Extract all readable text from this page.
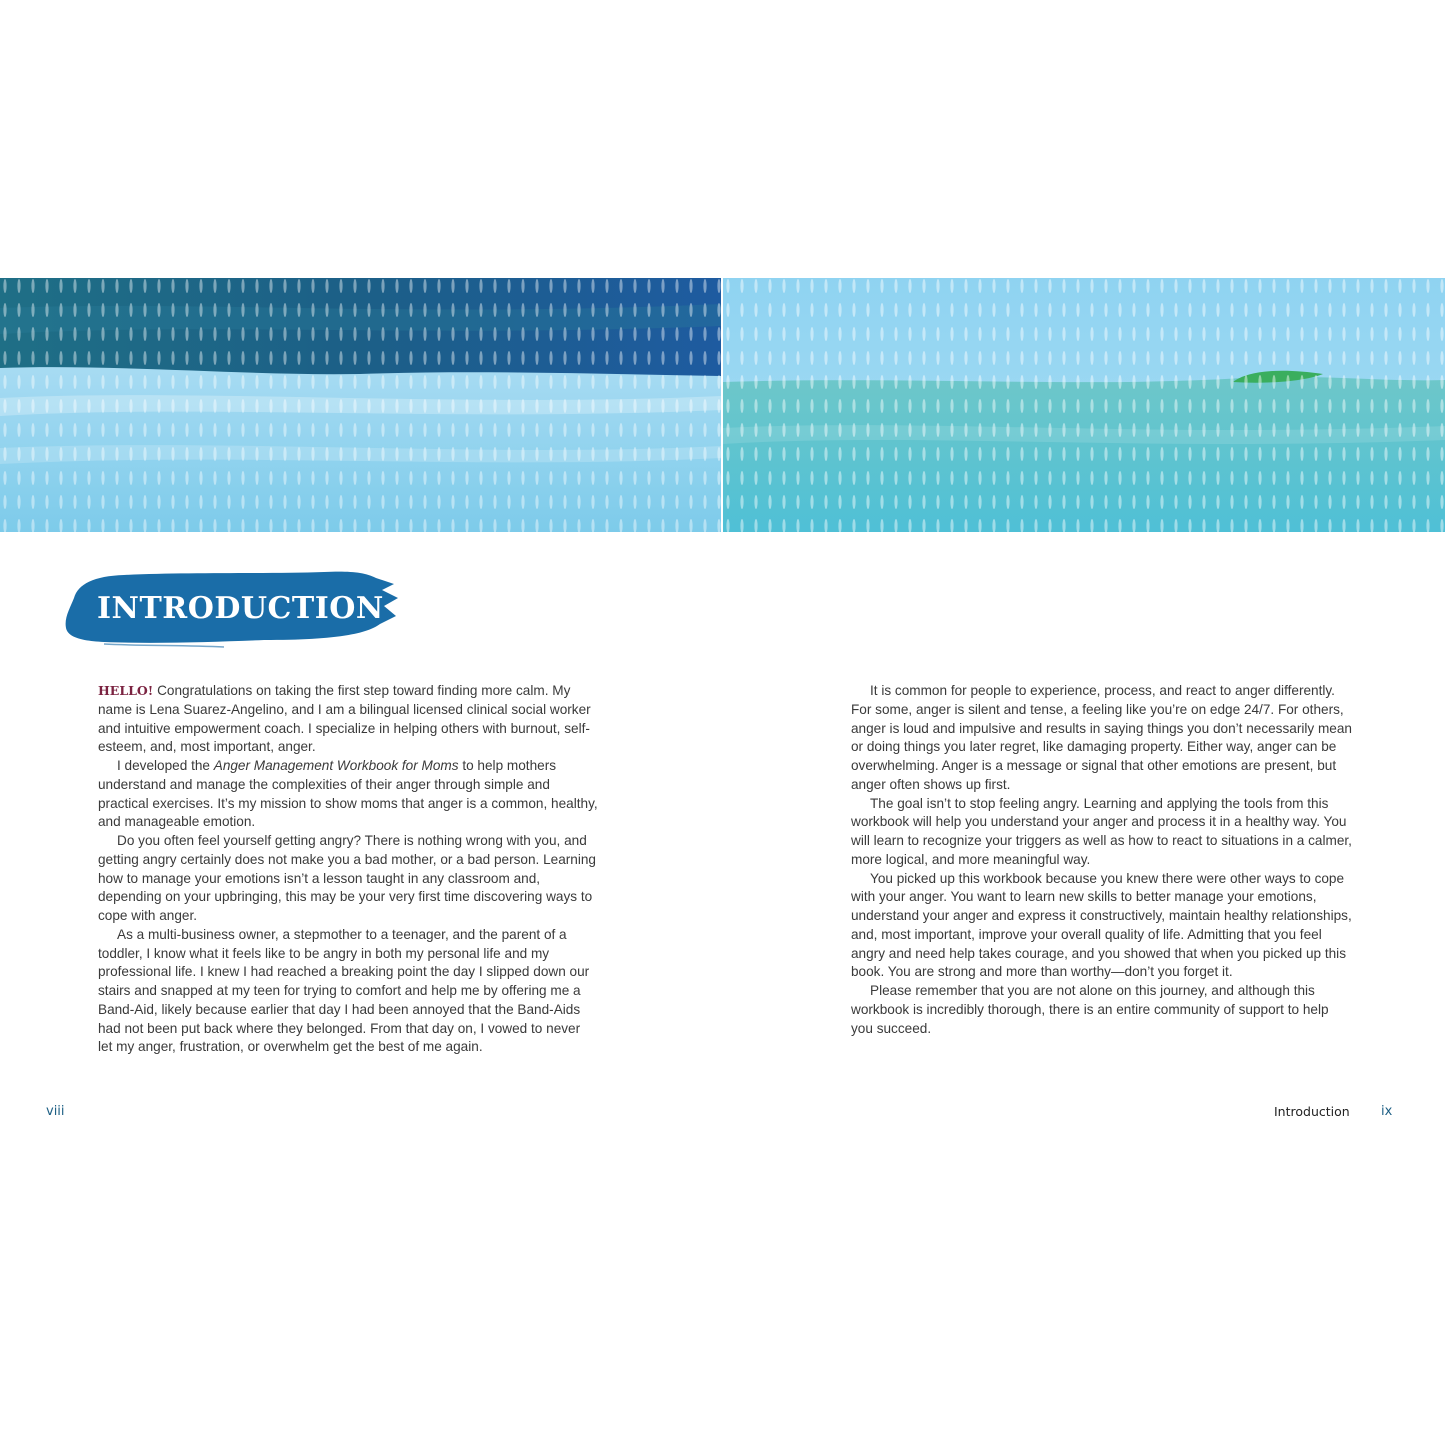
INTRODUCTION

HELLO! Congratulations on taking the first step toward finding more calm. My name is Lena Suarez-Angelino, and I am a bilingual licensed clinical social worker and intuitive empowerment coach. I specialize in helping others with burnout, self-esteem, and, most important, anger.

I developed the Anger Management Workbook for Moms to help mothers understand and manage the complexities of their anger through simple and practical exercises. It’s my mission to show moms that anger is a common, healthy, and manageable emotion.

Do you often feel yourself getting angry? There is nothing wrong with you, and getting angry certainly does not make you a bad mother, or a bad person. Learning how to manage your emotions isn’t a lesson taught in any classroom and, depending on your upbringing, this may be your very first time discovering ways to cope with anger.

As a multi-business owner, a stepmother to a teenager, and the parent of a toddler, I know what it feels like to be angry in both my personal life and my professional life. I knew I had reached a breaking point the day I slipped down our stairs and snapped at my teen for trying to comfort and help me by offering me a Band-Aid, likely because earlier that day I had been annoyed that the Band-Aids had not been put back where they belonged. From that day on, I vowed to never let my anger, frustration, or overwhelm get the best of me again.

It is common for people to experience, process, and react to anger differently. For some, anger is silent and tense, a feeling like you’re on edge 24/7. For others, anger is loud and impulsive and results in saying things you don’t necessarily mean or doing things you later regret, like damaging property. Either way, anger can be overwhelming. Anger is a message or signal that other emotions are present, but anger often shows up first.

The goal isn’t to stop feeling angry. Learning and applying the tools from this workbook will help you understand your anger and process it in a healthy way. You will learn to recognize your triggers as well as how to react to situations in a calmer, more logical, and more meaningful way.

You picked up this workbook because you knew there were other ways to cope with your anger. You want to learn new skills to better manage your emotions, understand your anger and express it constructively, maintain healthy relationships, and, most important, improve your overall quality of life. Admitting that you feel angry and need help takes courage, and you showed that when you picked up this book. You are strong and more than worthy—don’t you forget it.

Please remember that you are not alone on this journey, and although this workbook is incredibly thorough, there is an entire community of support to help you succeed.

viii	Introduction ix
